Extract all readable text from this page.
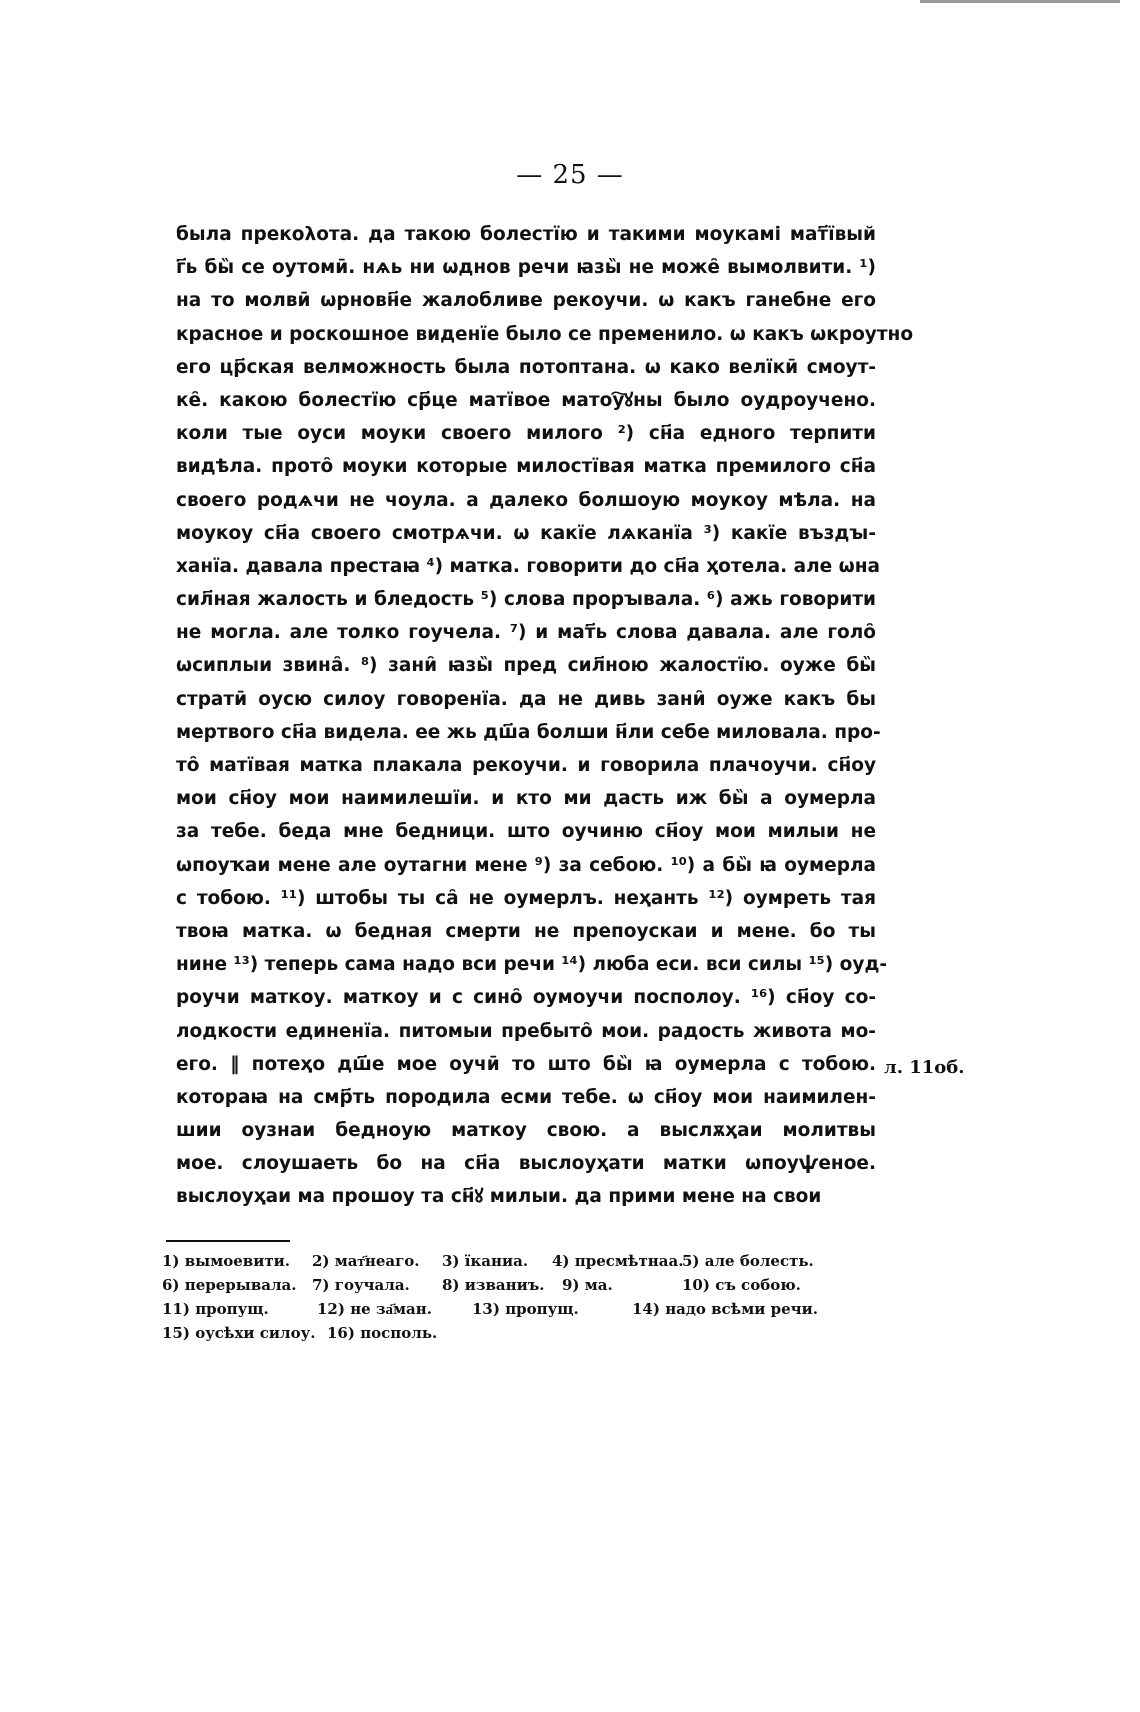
— 25 —
была прекολота. да такою болестїю и такими моукамі мат҃ївый
г҃ь бы̏ се оутомӣ. нѧь ни ѡднов речи ꙗзы̏ не може̑ вымолвити. ¹)
на то молвӣ ѡрновн҃е жалобливе рекоучи. ѡ какъ ганебне его
красное и роскошное виденїе было се пременило. ѡ какъ ѡкроутно
его цр҃ская велможность была потоптана. ѡ како велїкӣ смоут-
ке̑. какою болестїю ср҃це матївое матоу҇ꙋны было оудроучено.
коли тые оуси моуки своего милого ²) сн҃а едного терпити
видѣла. прото̑ моуки которые милостївая матка премилого сн҃а
своего родѧчи не чоула. а далеко болшоую моукоу мѣла. на
моукоу сн҃а своего смотрѧчи. ѡ какїе лѧканїа ³) какїе въздꙑ-
ханїа. давала престаꙗ ⁴) матка. говорити до сн҃а ҳотела. але ѡна
сил҃ная жалость и бледость ⁵) слова прорꙑвала. ⁶) ажь говорити
не могла. але толко гоучела. ⁷) и мат҃ь слова давала. але голо̑
ѡсиплыи звина̑. ⁸) зани̑ ꙗзы̏ пред сил҃ною жалостїю. оуже бы̏
стратӣ оусю силоу говоренїа. да не дивь зани̑ оуже какъ бы
мертвого сн҃а видела. ее жь дш҃а болши н҃ли себе миловала. про-
то̑ матївая матка плакала рекоучи. и говорила плачоучи. сн҃оу
мои сн҃оу мои наимилешїи. и кто ми дасть иж бы̏ а оумерла
за тебе. беда мне бедници. што оучиню сн҃оу мои милыи не
ѡпоуҡаи мене але оутагни мене ⁹) за себою. ¹⁰) а бы̏ ꙗ оумерла
с тобою. ¹¹) штобы ты са̑ не оумерлъ. неҳанть ¹²) оумреть тая
твоꙗ матка. ѡ бедная смерти не препоускаи и мене. бо ты
нине ¹³) теперь сама надо вси речи ¹⁴) люба еси. вси силы ¹⁵) оуд-
роучи маткоу. маткоу и с сино̑ оумоучи посполоу. ¹⁶) сн҃оу со-
лодкости единенїа. питомыи пребыто̑ мои. радость живота мо-
его. ‖ потеҳо дш҃е мое оучӣ то што бы̏ ꙗ оумерла с тобою.
котораꙗ на смр҃ть породила есми тебе. ѡ сн҃оу мои наимилен-
шии оузнаи бедноую маткоу свою. а выслѫҳаи молитвы
мое. слоушаеть бо на сн҃а выслоуҳати матки ѡпоуѱеное.
выслоуҳаи ма прошоу та сн҃ꙋ милыи. да прими мене на свои
л. 11об.
1) вымоевити. 2) мат҃неаго. 3) їканиа. 4) пресмѣтнаа.
5) але болесть.
6) перерывала. 7) гоучала. 8) изваниъ. 9) ма.	10) съ собою.
11) пропущ.	12) не за҃ман.	13) пропущ.	14) надо всѣми речи.
15) оусѣхи силоу. 16) посполь.
